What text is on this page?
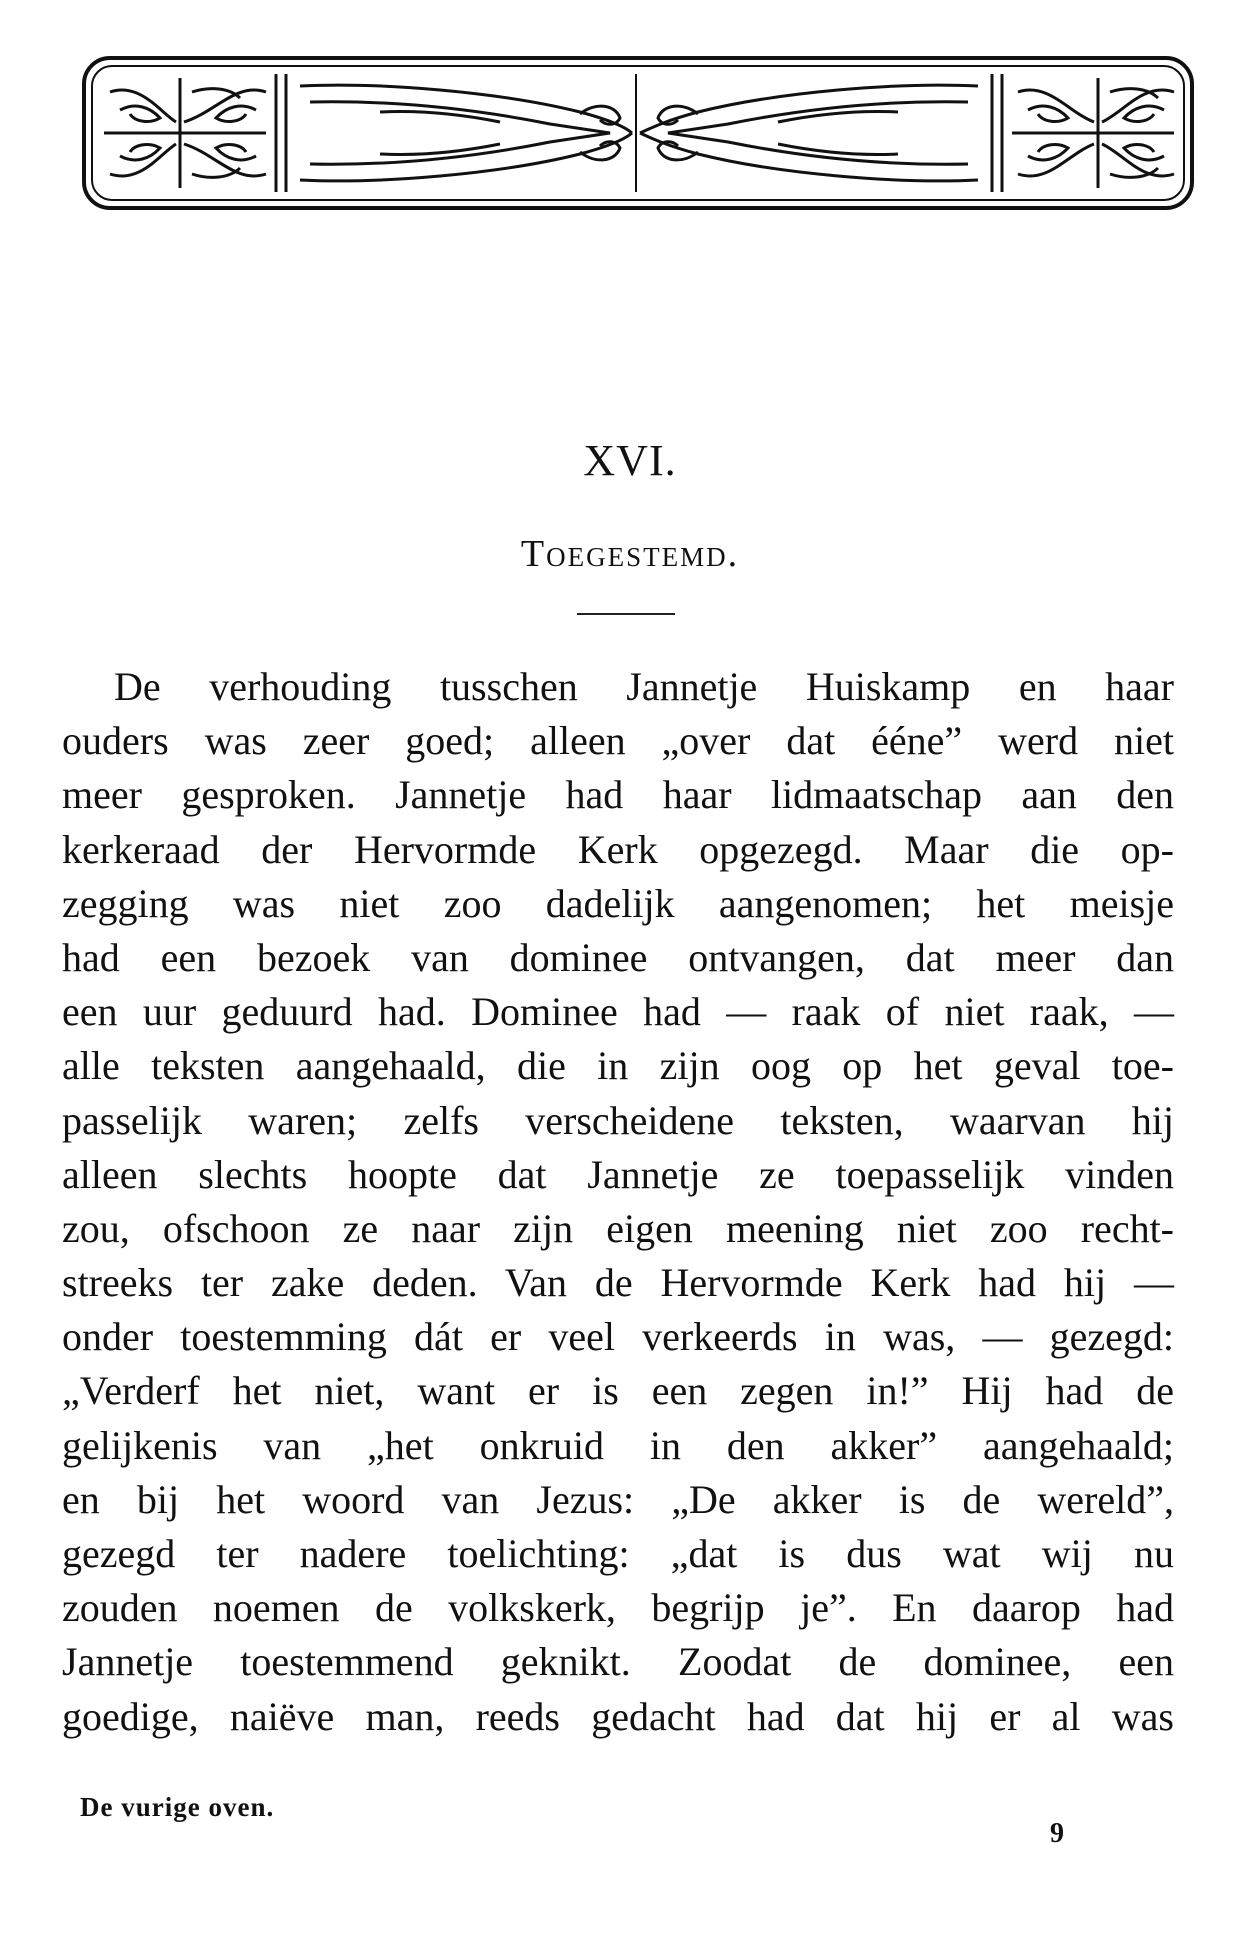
XVI.
Toegestemd.
De verhouding tusschen Jannetje Huiskamp en haar
ouders was zeer goed; alleen „over dat ééne” werd niet
meer gesproken. Jannetje had haar lidmaatschap aan den
kerkeraad der Hervormde Kerk opgezegd. Maar die op-
zegging was niet zoo dadelijk aangenomen; het meisje
had een bezoek van dominee ontvangen, dat meer dan
een uur geduurd had. Dominee had — raak of niet raak, —
alle teksten aangehaald, die in zijn oog op het geval toe-
passelijk waren; zelfs verscheidene teksten, waarvan hij
alleen slechts hoopte dat Jannetje ze toepasselijk vinden
zou, ofschoon ze naar zijn eigen meening niet zoo recht-
streeks ter zake deden. Van de Hervormde Kerk had hij —
onder toestemming dát er veel verkeerds in was, — gezegd:
„Verderf het niet, want er is een zegen in!” Hij had de
gelijkenis van „het onkruid in den akker” aangehaald;
en bij het woord van Jezus: „De akker is de wereld”,
gezegd ter nadere toelichting: „dat is dus wat wij nu
zouden noemen de volkskerk, begrijp je”. En daarop had
Jannetje toestemmend geknikt. Zoodat de dominee, een
goedige, naiëve man, reeds gedacht had dat hij er al was
De vurige oven.
9
